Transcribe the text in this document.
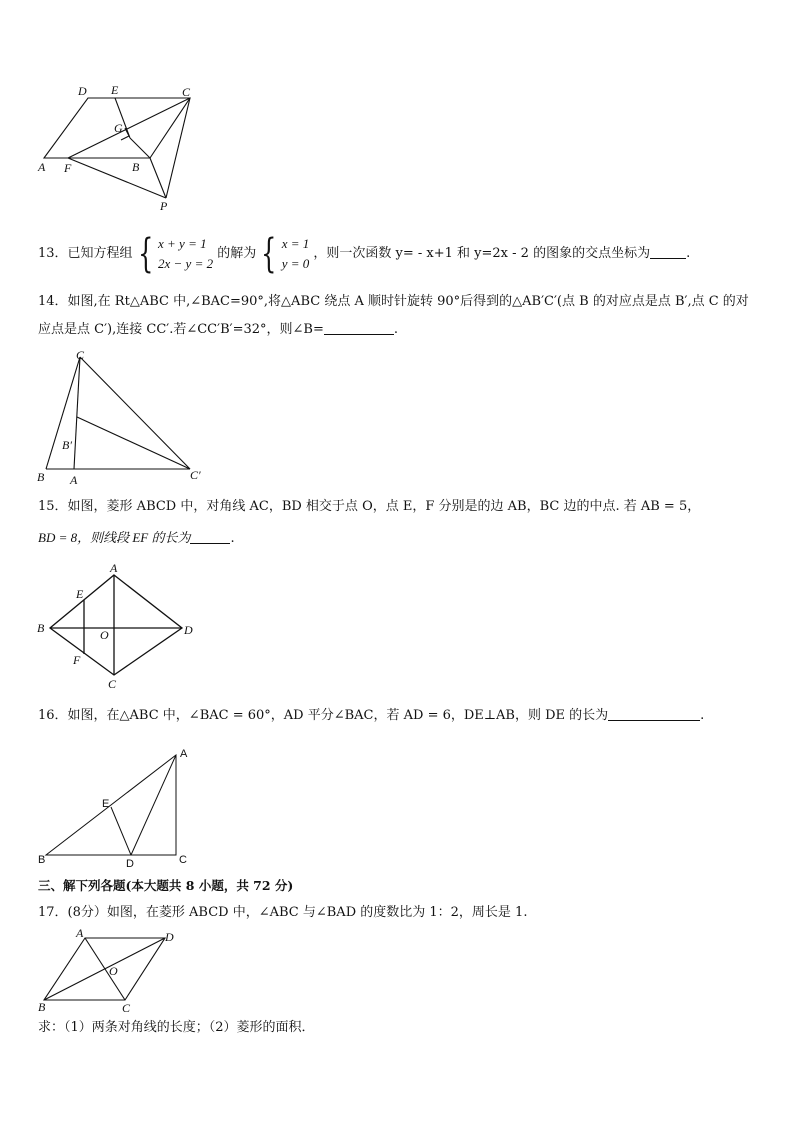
D E	C
G
A F	B
P
13．已知方程组 { x + y = 1
2x − y = 2
的解为 { x = 1
y = 0
，则一次函数 y= - x+1 和 y=2x - 2 的图象的交点坐标为	.
14．如图,在 Rt△ABC 中,∠BAC=90°,将△ABC 绕点 A 顺时针旋转 90°后得到的△AB′C′(点 B 的对应点是点 B′,点 C 的对
应点是点 C′),连接 CC′.若∠CC′B′=32°，则∠B=	.
C
B′
B A	C′
15．如图，菱形 ABCD 中，对角线 AC，BD 相交于点 O，点 E，F 分别是的边 AB，BC 边的中点. 若 AB = 5，
BD = 8，则线段 EF 的长为	.
A
E
B	O	D
F
C
16．如图，在△ABC 中，∠BAC = 60°，AD 平分∠BAC，若 AD = 6，DE⊥AB，则 DE 的长为	.
A
E
B	D	C
三、解下列各题(本大题共 8 小题，共 72 分)
17．(8分）如图，在菱形 ABCD 中，∠ABC 与∠BAD 的度数比为 1：2，周长是 1.
A	D
O
B	C
求：（1）两条对角线的长度；（2）菱形的面积．
